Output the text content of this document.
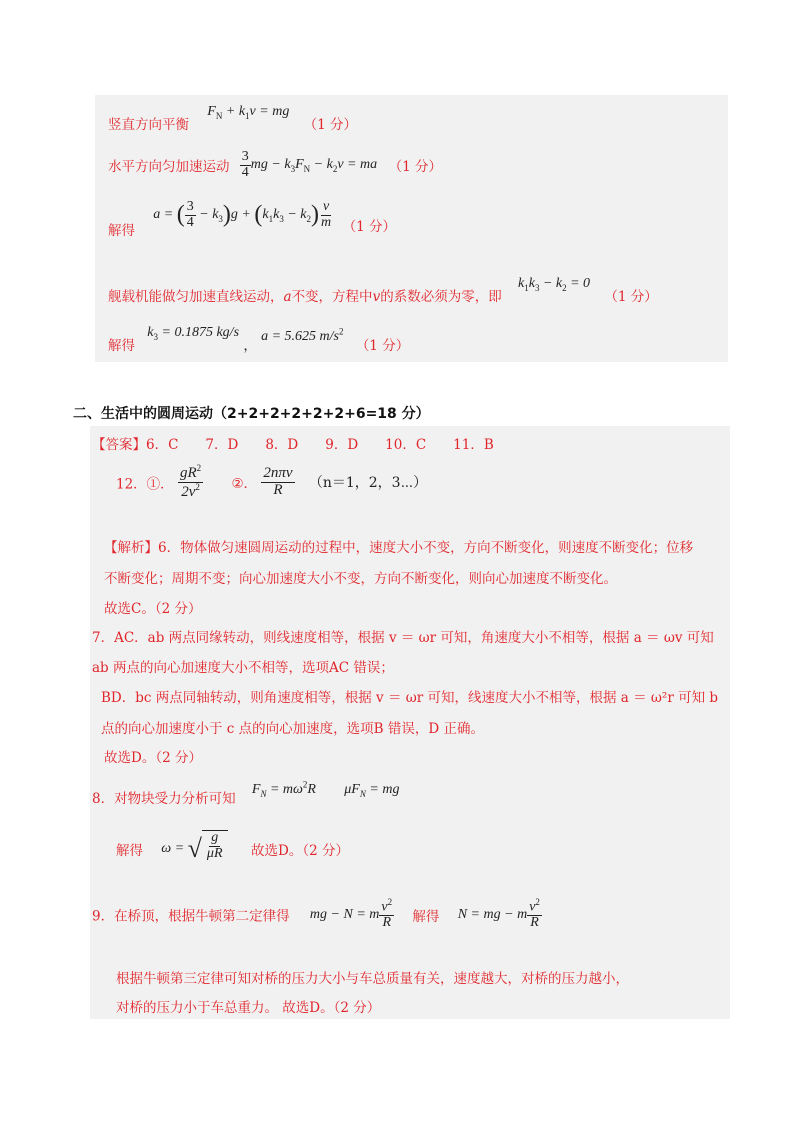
竖直方向平衡 $F_N + k_1v$ = mg （1 分）
水平方向匀加速运动 $\frac{3}{4}$ mg − $k_3F_N - k_2v$ = ma （1 分）
解得 a = ( $\frac{3}{4} - k_3)g + (k_1k_3 - k_2) \frac{v}{m} (1$ 分）
舰载机能做匀加速直线运动，a不变，方程中v的系数必须为零，即 $k_1k_3 - k_2 = 0$ （1 分）
解得 $k_3 = 0.1875$ kg/s ， a = 5.625 $m/s^2$ （1 分）
二、生活中的圆周运动（2+2+2+2+2+2+6=18 分）
【答案】6．C　　7．D　　8．D　　9．D　　10．C　　11．B
12．①． $\frac{gR^2}{2v^2}$ ②． $\frac{\text{2nπv}}{R} (n=1$，2，3⋯）
【解析】6．物体做匀速圆周运动的过程中，速度大小不变，方向不断变化，则速度不断变化；位移
不断变化；周期不变；向心加速度大小不变，方向不断变化，则向心加速度不断变化。
故选C。（2 分）
7．AC．ab 两点同缘转动，则线速度相等，根据 v ＝ ωr 可知，角速度大小不相等，根据 a ＝ ωv 可知
ab 两点的向心加速度大小不相等，选项AC 错误；
BD．bc 两点同轴转动，则角速度相等，根据 v ＝ ωr 可知，线速度大小不相等，根据 a ＝ ω²r 可知 b
点的向心加速度小于 c 点的向心加速度，选项B 错误，D 正确。
故选D。（2 分）
8．对物块受力分析可知 $F_N = m\omega^2R$ $\mu F_N$ = mg
解得 ω = √ $\frac{g}{\mu R}$ 故选D。（2 分）
9．在桥顶，根据牛顿第二定律得 mg − N = m $\frac{v^2}{R}$ 解得 N = mg − m $\frac{v^2}{R}$
根据牛顿第三定律可知对桥的压力大小与车总质量有关，速度越大，对桥的压力越小，
对桥的压力小于车总重力。 故选D。（2 分）
